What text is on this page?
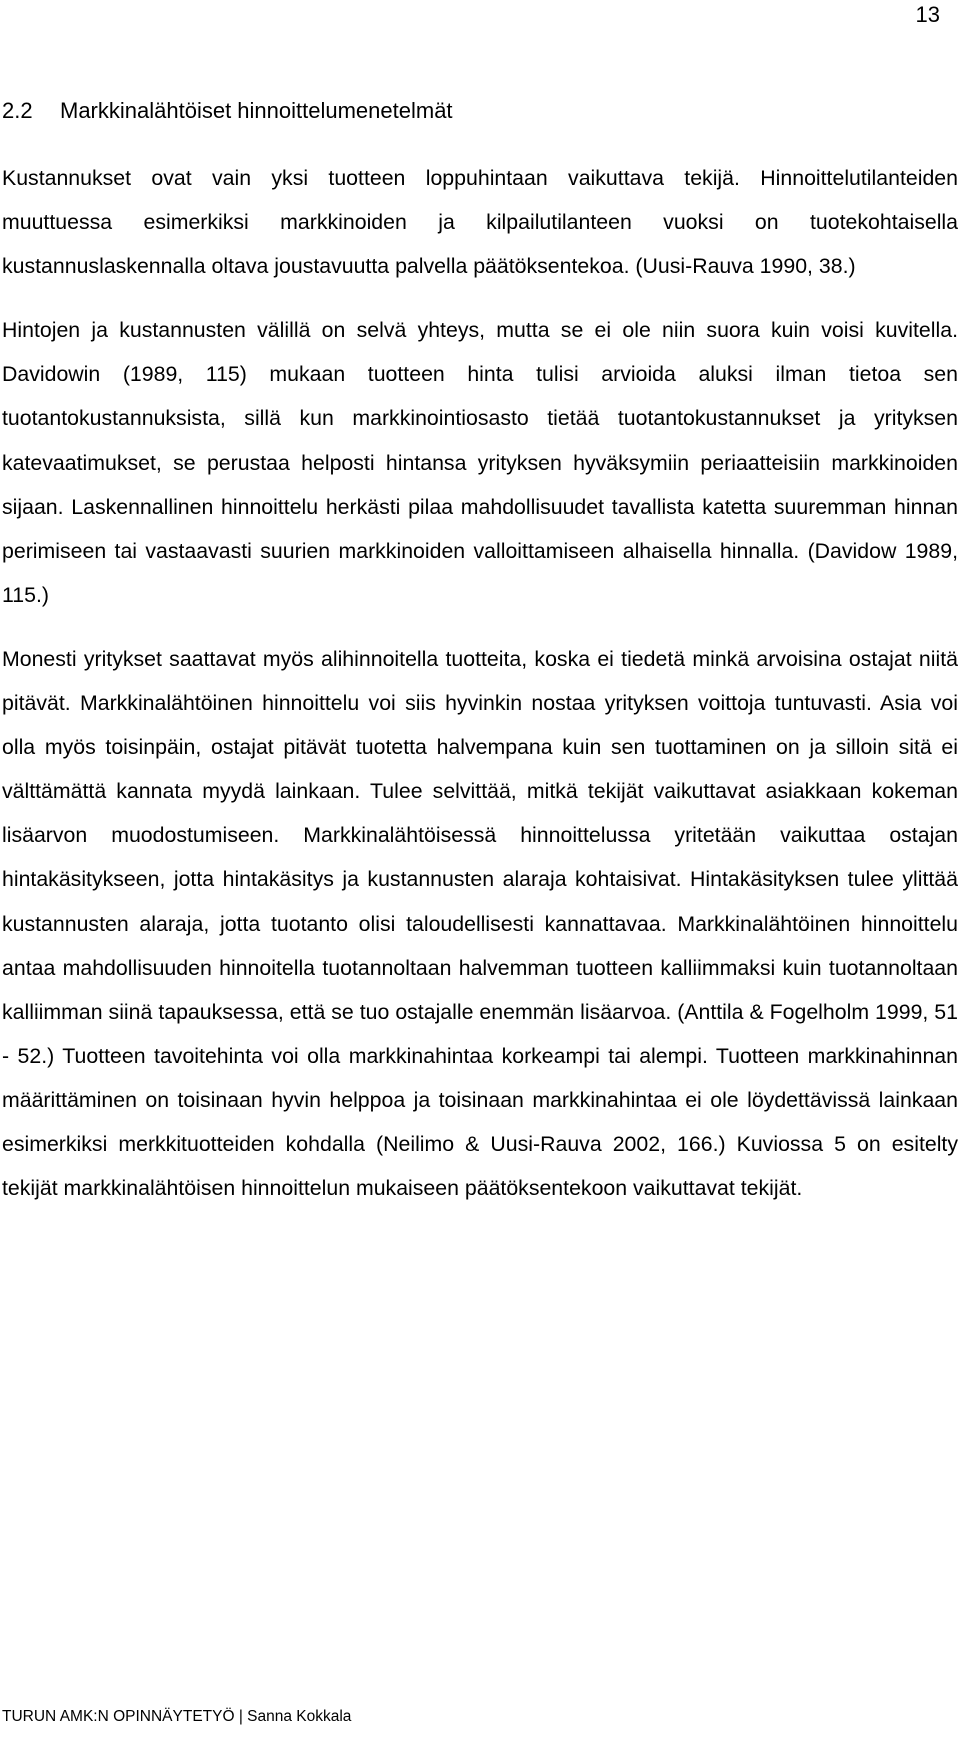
13
2.2 Markkinalähtöiset hinnoittelumenetelmät

Kustannukset ovat vain yksi tuotteen loppuhintaan vaikuttava tekijä. Hinnoittelutilanteiden muuttuessa esimerkiksi markkinoiden ja kilpailutilanteen vuoksi on tuotekohtaisella kustannuslaskennalla oltava joustavuutta palvella päätöksentekoa. (Uusi-Rauva 1990, 38.)

Hintojen ja kustannusten välillä on selvä yhteys, mutta se ei ole niin suora kuin voisi kuvitella. Davidowin (1989, 115) mukaan tuotteen hinta tulisi arvioida aluksi ilman tietoa sen tuotantokustannuksista, sillä kun markkinointiosasto tietää tuotantokustannukset ja yrityksen katevaatimukset, se perustaa helposti hintansa yrityksen hyväksymiin periaatteisiin markkinoiden sijaan. Laskennallinen hinnoittelu herkästi pilaa mahdollisuudet tavallista katetta suuremman hinnan perimiseen tai vastaavasti suurien markkinoiden valloittamiseen alhaisella hinnalla. (Davidow 1989, 115.)

Monesti yritykset saattavat myös alihinnoitella tuotteita, koska ei tiedetä minkä arvoisina ostajat niitä pitävät. Markkinalähtöinen hinnoittelu voi siis hyvinkin nostaa yrityksen voittoja tuntuvasti. Asia voi olla myös toisinpäin, ostajat pitävät tuotetta halvempana kuin sen tuottaminen on ja silloin sitä ei välttämättä kannata myydä lainkaan. Tulee selvittää, mitkä tekijät vaikuttavat asiakkaan kokeman lisäarvon muodostumiseen. Markkinalähtöisessä hinnoittelussa yritetään vaikuttaa ostajan hintakäsitykseen, jotta hintakäsitys ja kustannusten alaraja kohtaisivat. Hintakäsityksen tulee ylittää kustannusten alaraja, jotta tuotanto olisi taloudellisesti kannattavaa. Markkinalähtöinen hinnoittelu antaa mahdollisuuden hinnoitella tuotannoltaan halvemman tuotteen kalliimmaksi kuin tuotannoltaan kalliimman siinä tapauksessa, että se tuo ostajalle enemmän lisäarvoa. (Anttila & Fogelholm 1999, 51 - 52.) Tuotteen tavoitehinta voi olla markkinahintaa korkeampi tai alempi. Tuotteen markkinahinnan määrittäminen on toisinaan hyvin helppoa ja toisinaan markkinahintaa ei ole löydettävissä lainkaan esimerkiksi merkkituotteiden kohdalla (Neilimo & Uusi-Rauva 2002, 166.) Kuviossa 5 on esitelty tekijät markkinalähtöisen hinnoittelun mukaiseen päätöksentekoon vaikuttavat tekijät.

TURUN AMK:N OPINNÄYTETYÖ | Sanna Kokkala
